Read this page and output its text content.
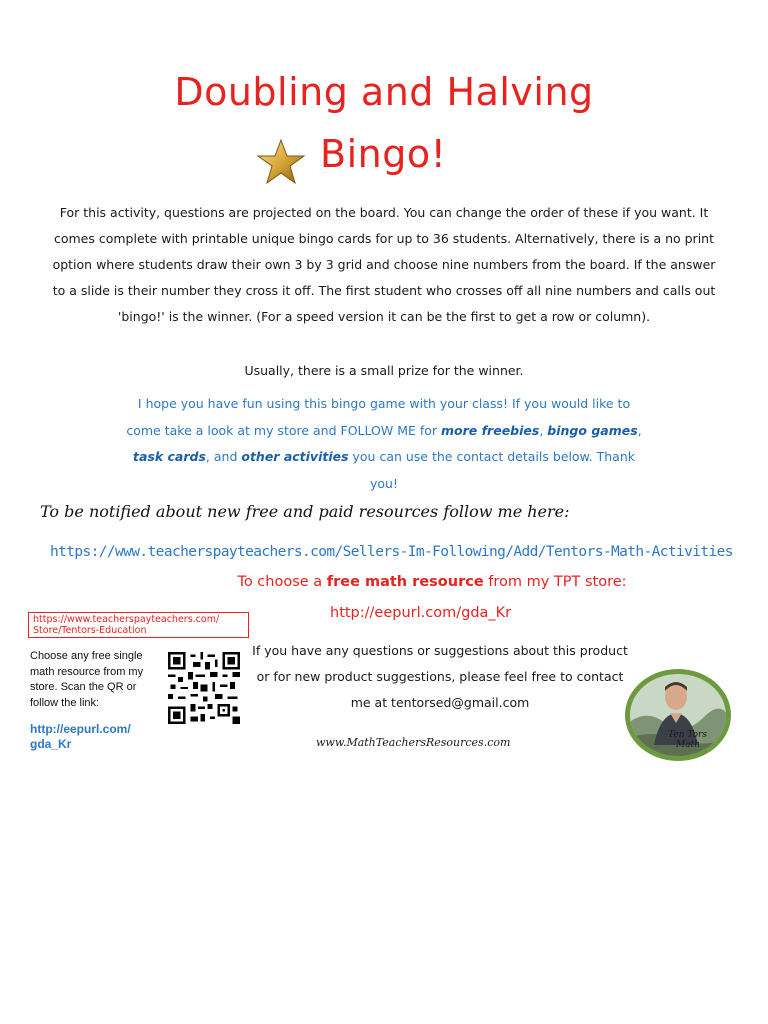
Doubling and Halving
Bingo!
For this activity, questions are projected on the board. You can change the order of these if you want. It comes complete with printable unique bingo cards for up to 36 students. Alternatively, there is a no print option where students draw their own 3 by 3 grid and choose nine numbers from the board. If the answer to a slide is their number they cross it off. The first student who crosses off all nine numbers and calls out 'bingo!' is the winner. (For a speed version it can be the first to get a row or column).
Usually, there is a small prize for the winner.
I hope you have fun using this bingo game with your class! If you would like to come take a look at my store and FOLLOW ME for more freebies, bingo games, task cards, and other activities you can use the contact details below. Thank you!
To be notified about new free and paid resources follow me here:
https://www.teacherspayteachers.com/Sellers-Im-Following/Add/Tentors-Math-Activities
To choose a free math resource from my TPT store:
http://eepurl.com/gda_Kr
https://www.teacherspayteachers.com/
Store/Tentors-Education
Choose any free single math resource from my store. Scan the QR or follow the link:
http://eepurl.com/ gda_Kr
If you have any questions or suggestions about this product or for new product suggestions, please feel free to contact me at tentorsed@gmail.com
www.MathTeachersResources.com
Ten Tors
Math
